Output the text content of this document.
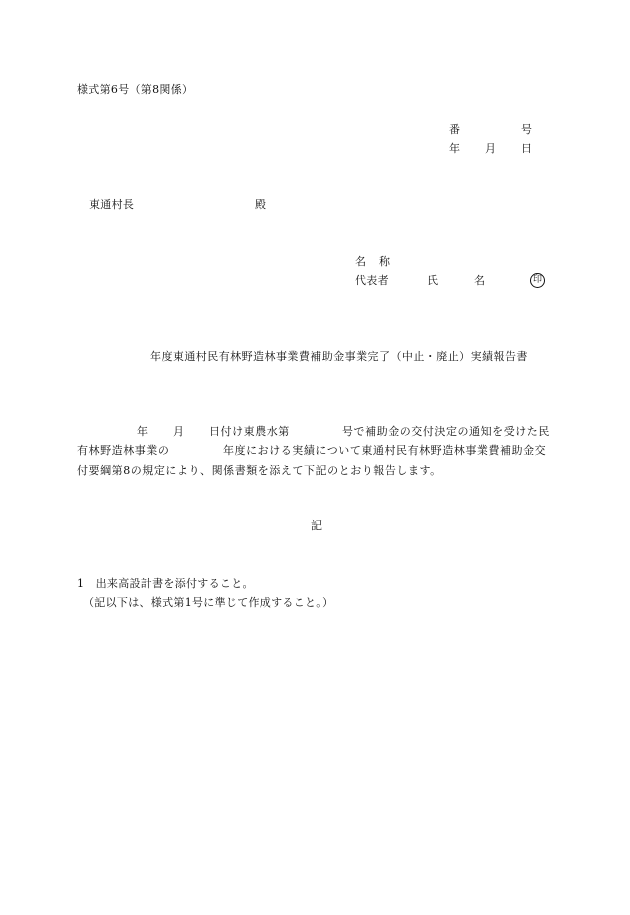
様式第6号（第8関係）
番	号
年 月 日
東通村長	殿
名 称
代表者	氏	名	印
年度東通村民有林野造林事業費補助金事業完了（中止・廃止）実績報告書
年 月 日付け東農水第	号で補助金の交付決定の通知を受けた民
有林野造林事業の	年度における実績について東通村民有林野造林事業費補助金交
付要綱第8の規定により、関係書類を添えて下記のとおり報告します。
記
1　出来高設計書を添付すること。
（記以下は、様式第1号に準じて作成すること。）
